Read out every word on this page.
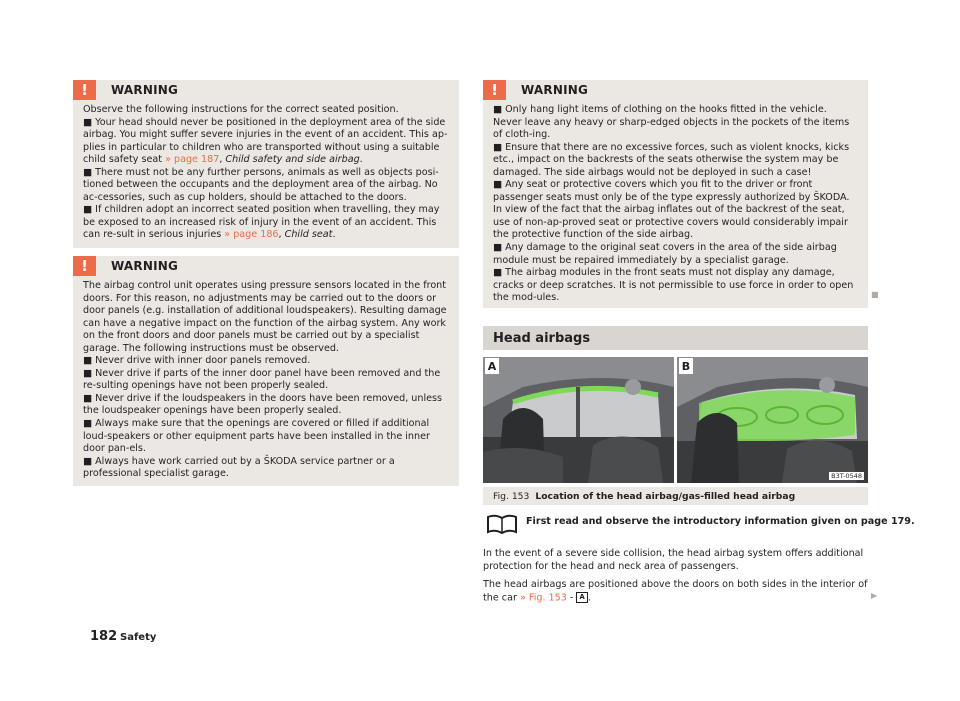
!	WARNING

Observe the following instructions for the correct seated position.

■ Your head should never be positioned in the deployment area of the side airbag. You might suffer severe injuries in the event of an accident. This ap-plies in particular to children who are transported without using a suitable child safety seat » page 187, Child safety and side airbag.

■ There must not be any further persons, animals as well as objects posi-tioned between the occupants and the deployment area of the airbag. No ac-cessories, such as cup holders, should be attached to the doors.

■ If children adopt an incorrect seated position when travelling, they may be exposed to an increased risk of injury in the event of an accident. This can re-sult in serious injuries » page 186, Child seat.

!	WARNING

The airbag control unit operates using pressure sensors located in the front doors. For this reason, no adjustments may be carried out to the doors or door panels (e.g. installation of additional loudspeakers). Resulting damage can have a negative impact on the function of the airbag system. Any work on the front doors and door panels must be carried out by a specialist garage. The following instructions must be observed.

■ Never drive with inner door panels removed.

■ Never drive if parts of the inner door panel have been removed and the re-sulting openings have not been properly sealed.

■ Never drive if the loudspeakers in the doors have been removed, unless the loudspeaker openings have been properly sealed.

■ Always make sure that the openings are covered or filled if additional loud-speakers or other equipment parts have been installed in the inner door pan-els.

■ Always have work carried out by a ŠKODA service partner or a professional specialist garage.

!	WARNING

■ Only hang light items of clothing on the hooks fitted in the vehicle. Never leave any heavy or sharp-edged objects in the pockets of the items of cloth-ing.

■ Ensure that there are no excessive forces, such as violent knocks, kicks etc., impact on the backrests of the seats otherwise the system may be damaged. The side airbags would not be deployed in such a case!

■ Any seat or protective covers which you fit to the driver or front passenger seats must only be of the type expressly authorized by ŠKODA. In view of the fact that the airbag inflates out of the backrest of the seat, use of non-ap-proved seat or protective covers would considerably impair the protective function of the side airbag.

■ Any damage to the original seat covers in the area of the side airbag module must be repaired immediately by a specialist garage.

■ The airbag modules in the front seats must not display any damage, cracks or deep scratches. It is not permissible to use force in order to open the mod-ules.	■
Head airbags
A	B
B3T-0548
Fig. 153 Location of the head airbag/gas-filled head airbag
First read and observe the introductory information given on page 179.
In the event of a severe side collision, the head airbag system offers additional protection for the head and neck area of passengers.
The head airbags are positioned above the doors on both sides in the interior of the car » Fig. 153 - A .	▶
182 Safety
